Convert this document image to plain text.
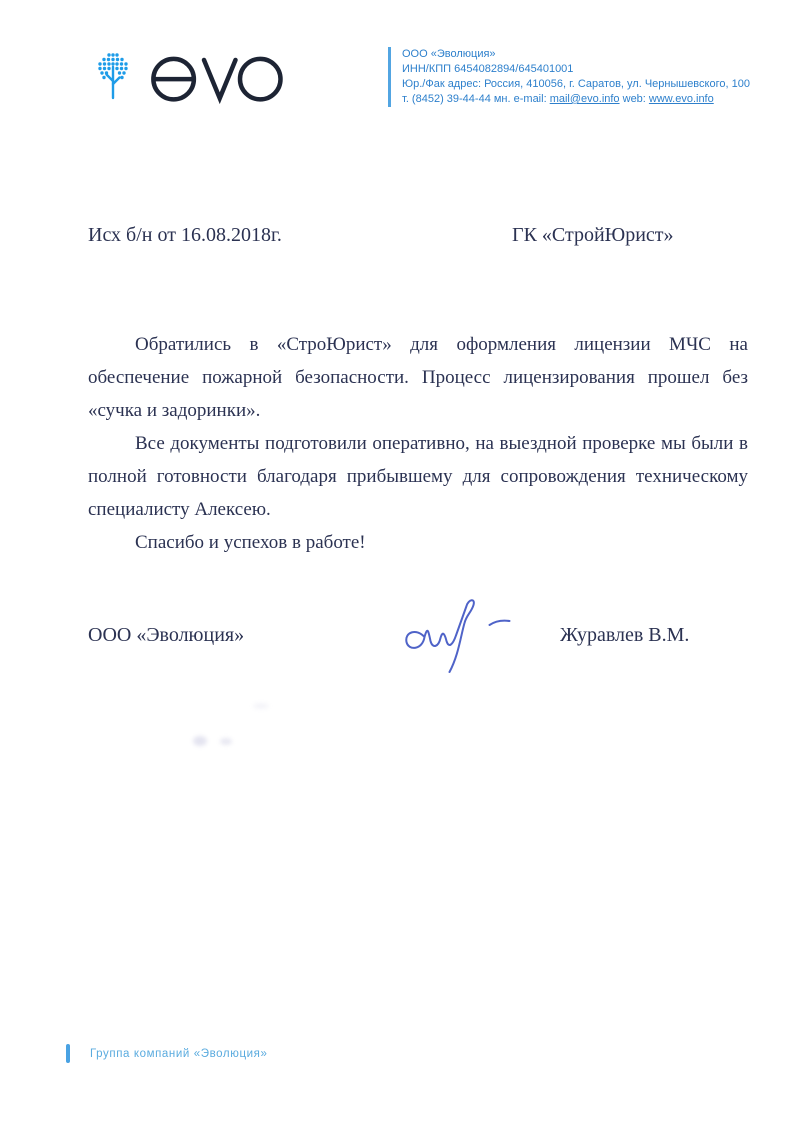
ООО «Эволюция»
ИНН/КПП 6454082894/645401001
Юр./Фак адрес: Россия, 410056, г. Саратов, ул. Чернышевского, 100
т. (8452) 39-44-44 мн. e-mail: mail@evo.info web: www.evo.info
Исх б/н от 16.08.2018г.	ГК «СтройЮрист»

Обратились в «СтроЮрист» для оформления лицензии МЧС на обеспечение пожарной безопасности. Процесс лицензирования прошел без «сучка и задоринки».

Все документы подготовили оперативно, на выездной проверке мы были в полной готовности благодаря прибывшему для сопровождения техническому специалисту Алексею.

Спасибо и успехов в работе!

ООО «Эволюция»	Журавлев В.М.
Группа компаний «Эволюция»
